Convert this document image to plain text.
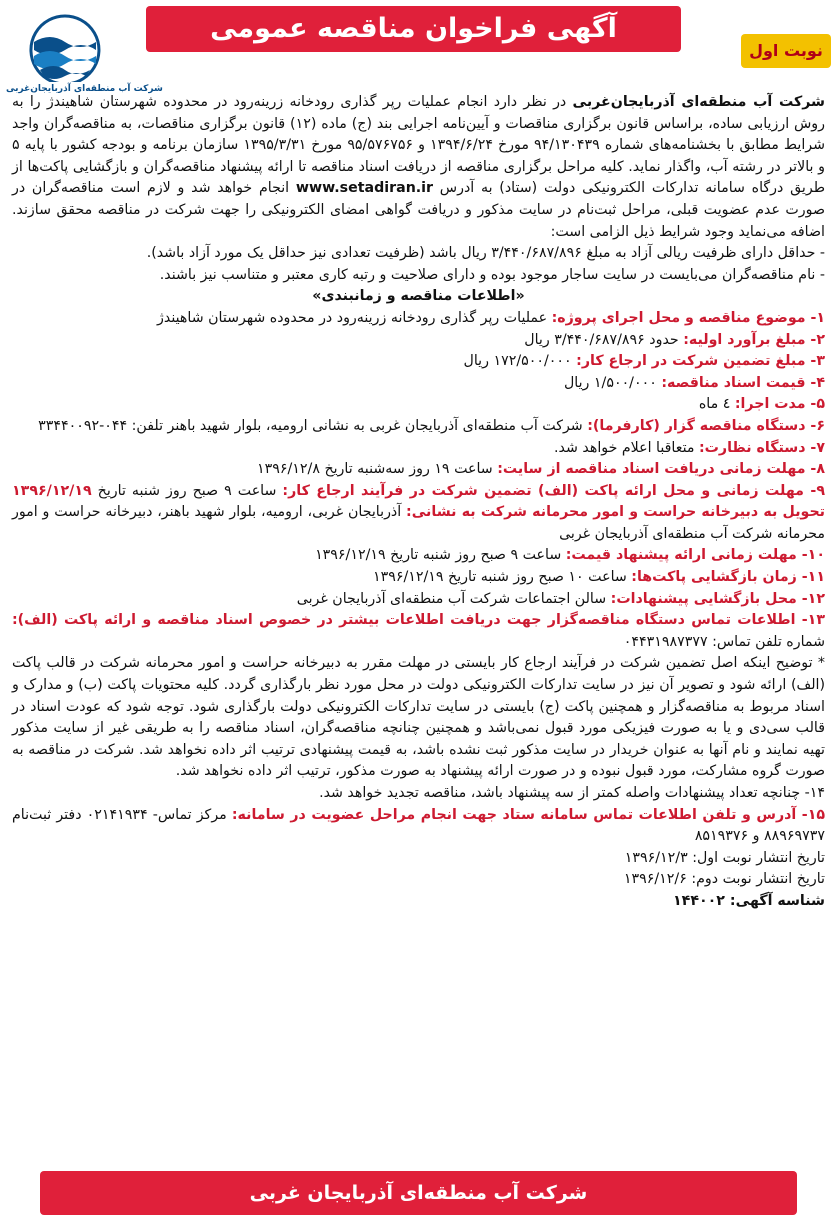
شرکت آب منطقه‌ای آذربایجان‌غربی
آگهی فراخوان مناقصه عمومی
نوبت اول

شرکت آب منطقه‌ای آذربایجان‌غربی در نظر دارد انجام عملیات رپر گذاری رودخانه زرینه‌رود در محدوده شهرستان شاهیندژ را به روش ارزیابی ساده، براساس قانون برگزاری مناقصات و آیین‌نامه اجرایی بند (ج) ماده (۱۲) قانون برگزاری مناقصات، به مناقصه‌گران واجد شرایط مطابق با بخشنامه‌های شماره ۹۴/۱۳۰۴۳۹ مورخ ۱۳۹۴/۶/۲۴ و ۹۵/۵۷۶۷۵۶ مورخ ۱۳۹۵/۳/۳۱ سازمان برنامه و بودجه کشور با پایه ۵ و بالاتر در رشته آب، واگذار نماید. کلیه مراحل برگزاری مناقصه از دریافت اسناد مناقصه تا ارائه پیشنهاد مناقصه‌گران و بازگشایی پاکت‌ها از طریق درگاه سامانه تدارکات الکترونیکی دولت (ستاد) به آدرس www.setadiran.ir انجام خواهد شد و لازم است مناقصه‌گران در صورت عدم عضویت قبلی، مراحل ثبت‌نام در سایت مذکور و دریافت گواهی امضای الکترونیکی را جهت شرکت در مناقصه محقق سازند. اضافه می‌نماید وجود شرایط ذیل الزامی است:

- حداقل دارای ظرفیت ریالی آزاد به مبلغ ۳/۴۴۰/۶۸۷/۸۹۶ ریال باشد (ظرفیت تعدادی نیز حداقل یک مورد آزاد باشد).

- نام مناقصه‌گران می‌بایست در سایت ساجار موجود بوده و دارای صلاحیت و رتبه کاری معتبر و متناسب نیز باشند.

«اطلاعات مناقصه و زمانبندی»

۱- موضوع مناقصه و محل اجرای پروژه: عملیات رپر گذاری رودخانه زرینه‌رود در محدوده شهرستان شاهیندژ

۲- مبلغ برآورد اولیه: حدود ۳/۴۴۰/۶۸۷/۸۹۶ ریال

۳- مبلغ تضمین شرکت در ارجاع کار: ۱۷۲/۵۰۰/۰۰۰ ریال

۴- قیمت اسناد مناقصه: ۱/۵۰۰/۰۰۰ ریال

۵- مدت اجرا: ٤ ماه

۶- دستگاه مناقصه گزار (کارفرما): شرکت آب منطقه‌ای آذربایجان غربی به نشانی ارومیه، بلوار شهید باهنر تلفن: ۰۴۴-۳۳۴۴۰۰۹۲

۷- دستگاه نظارت: متعاقبا اعلام خواهد شد.

۸- مهلت زمانی دریافت اسناد مناقصه از سایت: ساعت ۱۹ روز سه‌شنبه تاریخ ۱۳۹۶/۱۲/۸

۹- مهلت زمانی و محل ارائه پاکت (الف) تضمین شرکت در فرآیند ارجاع کار: ساعت ۹ صبح روز شنبه تاریخ ۱۳۹۶/۱۲/۱۹ تحویل به دبیرخانه حراست و امور محرمانه شرکت به نشانی: آذربایجان غربی، ارومیه، بلوار شهید باهنر، دبیرخانه حراست و امور محرمانه شرکت آب منطقه‌ای آذربایجان غربی

۱۰- مهلت زمانی ارائه پیشنهاد قیمت: ساعت ۹ صبح روز شنبه تاریخ ۱۳۹۶/۱۲/۱۹

۱۱- زمان بازگشایی پاکت‌ها: ساعت ۱۰ صبح روز شنبه تاریخ ۱۳۹۶/۱۲/۱۹

۱۲- محل بازگشایی پیشنهادات: سالن اجتماعات شرکت آب منطقه‌ای آذربایجان غربی

۱۳- اطلاعات تماس دستگاه مناقصه‌گزار جهت دریافت اطلاعات بیشتر در خصوص اسناد مناقصه و ارائه پاکت (الف): شماره تلفن تماس: ۰۴۴۳۱۹۸۷۳۷۷

* توضیح اینکه اصل تضمین شرکت در فرآیند ارجاع کار بایستی در مهلت مقرر به دبیرخانه حراست و امور محرمانه شرکت در قالب پاکت (الف) ارائه شود و تصویر آن نیز در سایت تدارکات الکترونیکی دولت در محل مورد نظر بارگذاری گردد. کلیه محتویات پاکت (ب) و مدارک و اسناد مربوط به مناقصه‌گزار و همچنین پاکت (ج) بایستی در سایت تدارکات الکترونیکی دولت بارگذاری شود. توجه شود که عودت اسناد در قالب سی‌دی و یا به صورت فیزیکی مورد قبول نمی‌باشد و همچنین چنانچه مناقصه‌گران، اسناد مناقصه را به طریقی غیر از سایت مذکور تهیه نمایند و نام آنها به عنوان خریدار در سایت مذکور ثبت نشده باشد، به قیمت پیشنهادی ترتیب اثر داده نخواهد شد. شرکت در مناقصه به صورت گروه مشارکت، مورد قبول نبوده و در صورت ارائه پیشنهاد به صورت مذکور، ترتیب اثر داده نخواهد شد.

۱۴- چنانچه تعداد پیشنهادات واصله کمتر از سه پیشنهاد باشد، مناقصه تجدید خواهد شد.

۱۵- آدرس و تلفن اطلاعات تماس سامانه ستاد جهت انجام مراحل عضویت در سامانه: مرکز تماس- ۰۲۱۴۱۹۳۴ دفتر ثبت‌نام ۸۸۹۶۹۷۳۷ و ۸۵۱۹۳۷۶

تاریخ انتشار نوبت اول: ۱۳۹۶/۱۲/۳

تاریخ انتشار نوبت دوم: ۱۳۹۶/۱۲/۶

شناسه آگهی: ۱۴۴۰۰۲

شرکت آب منطقه‌ای آذربایجان غربی
